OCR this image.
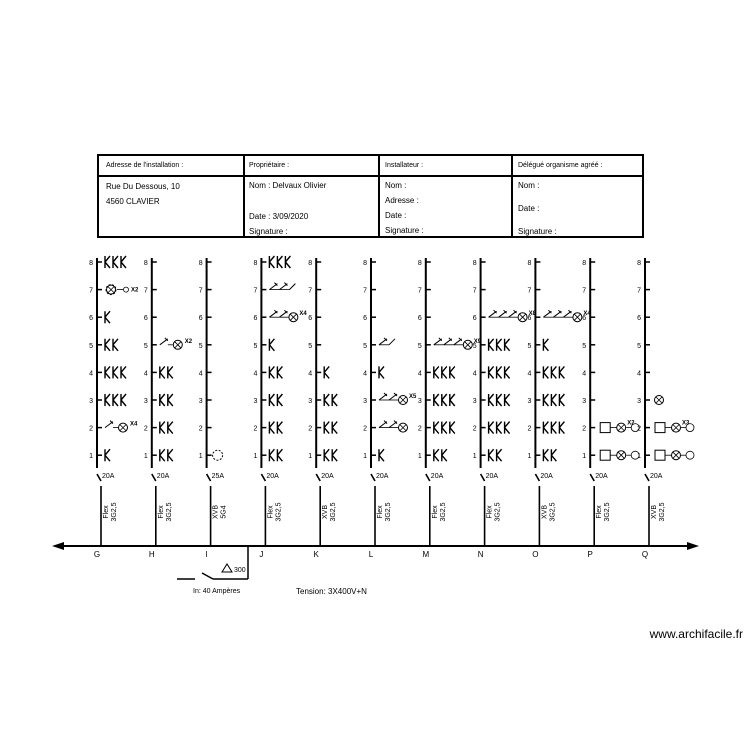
Adresse de l'installation :	Propriétaire :	Installateur :	Délégué organisme agréé :
Rue Du Dessous, 10
4560 CLAVIER
Nom : Delvaux Olivier
Date : 3/09/2020
Signature :
Nom :
Adresse :
Date :
Signature :
Nom :
Date :
Signature :
20A
Flex 3G2,5
G
8
7	X2
6
5
4
3
2
X4
1
20A
Flex 3G2,5
H
8
7
6
5
X2
4
3
2
1
25A
XVB 5G4
I
8
7
6
5
4
3
2
1
20A
Flex 3G2,5
J
8
7
6
X4
5
4
3
2
1
20A
XVB 3G2,5
K
8
7
6
5
4
3
2
1
20A
Flex 3G2,5
L
8
7
6
5
4
3
X5
2
1
20A
Flex 3G2,5
M
8
7
6
5
X9
4
3
2
1
20A
Flex 3G2,5
N
8
7
6
X8
5
4
3
2
1
20A
XVB 3G2,5
O
8
7
6
X4
5
4
3
2
1
20A
Flex 3G2,5
P
8
7
6
5
4
3
2
X2
1
20A
XVB 3G2,5
Q
8
7
6
5
4
3
2
X3
1
300
In: 40 Ampères	Tension: 3X400V+N
www.archifacile.fr
